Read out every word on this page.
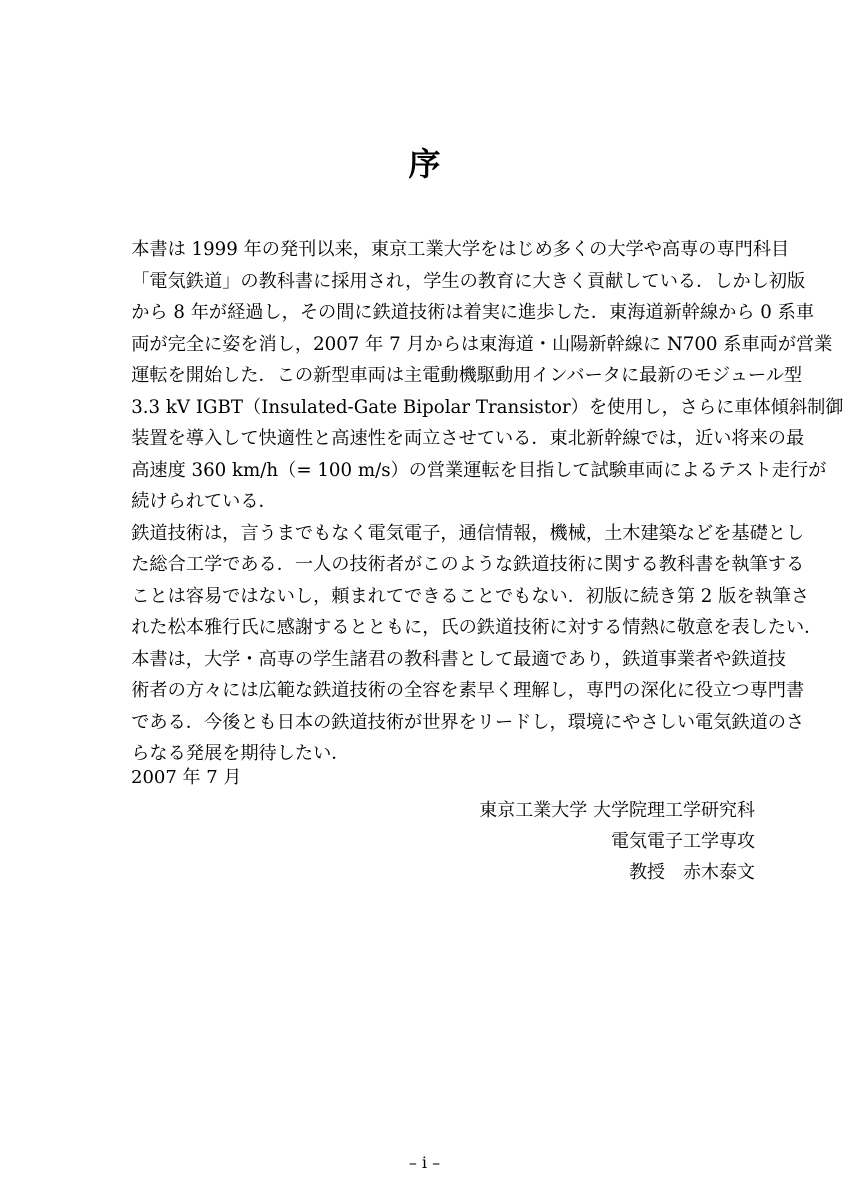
序

本書は 1999 年の発刊以来，東京工業大学をはじめ多くの大学や高専の専門科目
「電気鉄道」の教科書に採用され，学生の教育に大きく貢献している．しかし初版
から 8 年が経過し，その間に鉄道技術は着実に進歩した．東海道新幹線から 0 系車
両が完全に姿を消し，2007 年 7 月からは東海道・山陽新幹線に N700 系車両が営業
運転を開始した．この新型車両は主電動機駆動用インバータに最新のモジュール型
3.3 kV IGBT（Insulated-Gate Bipolar Transistor）を使用し，さらに車体傾斜制御
装置を導入して快適性と高速性を両立させている．東北新幹線では，近い将来の最
高速度 360 km/h（= 100 m/s）の営業運転を目指して試験車両によるテスト走行が
続けられている．

鉄道技術は，言うまでもなく電気電子，通信情報，機械，土木建築などを基礎とし
た総合工学である．一人の技術者がこのような鉄道技術に関する教科書を執筆する
ことは容易ではないし，頼まれてできることでもない．初版に続き第 2 版を執筆さ
れた松本雅行氏に感謝するとともに，氏の鉄道技術に対する情熱に敬意を表したい．

本書は，大学・高専の学生諸君の教科書として最適であり，鉄道事業者や鉄道技
術者の方々には広範な鉄道技術の全容を素早く理解し，専門の深化に役立つ専門書
である．今後とも日本の鉄道技術が世界をリードし，環境にやさしい電気鉄道のさ
らなる発展を期待したい．

2007 年 7 月
東京工業大学 大学院理工学研究科
電気電子工学専攻
教授　赤木泰文
– i –
